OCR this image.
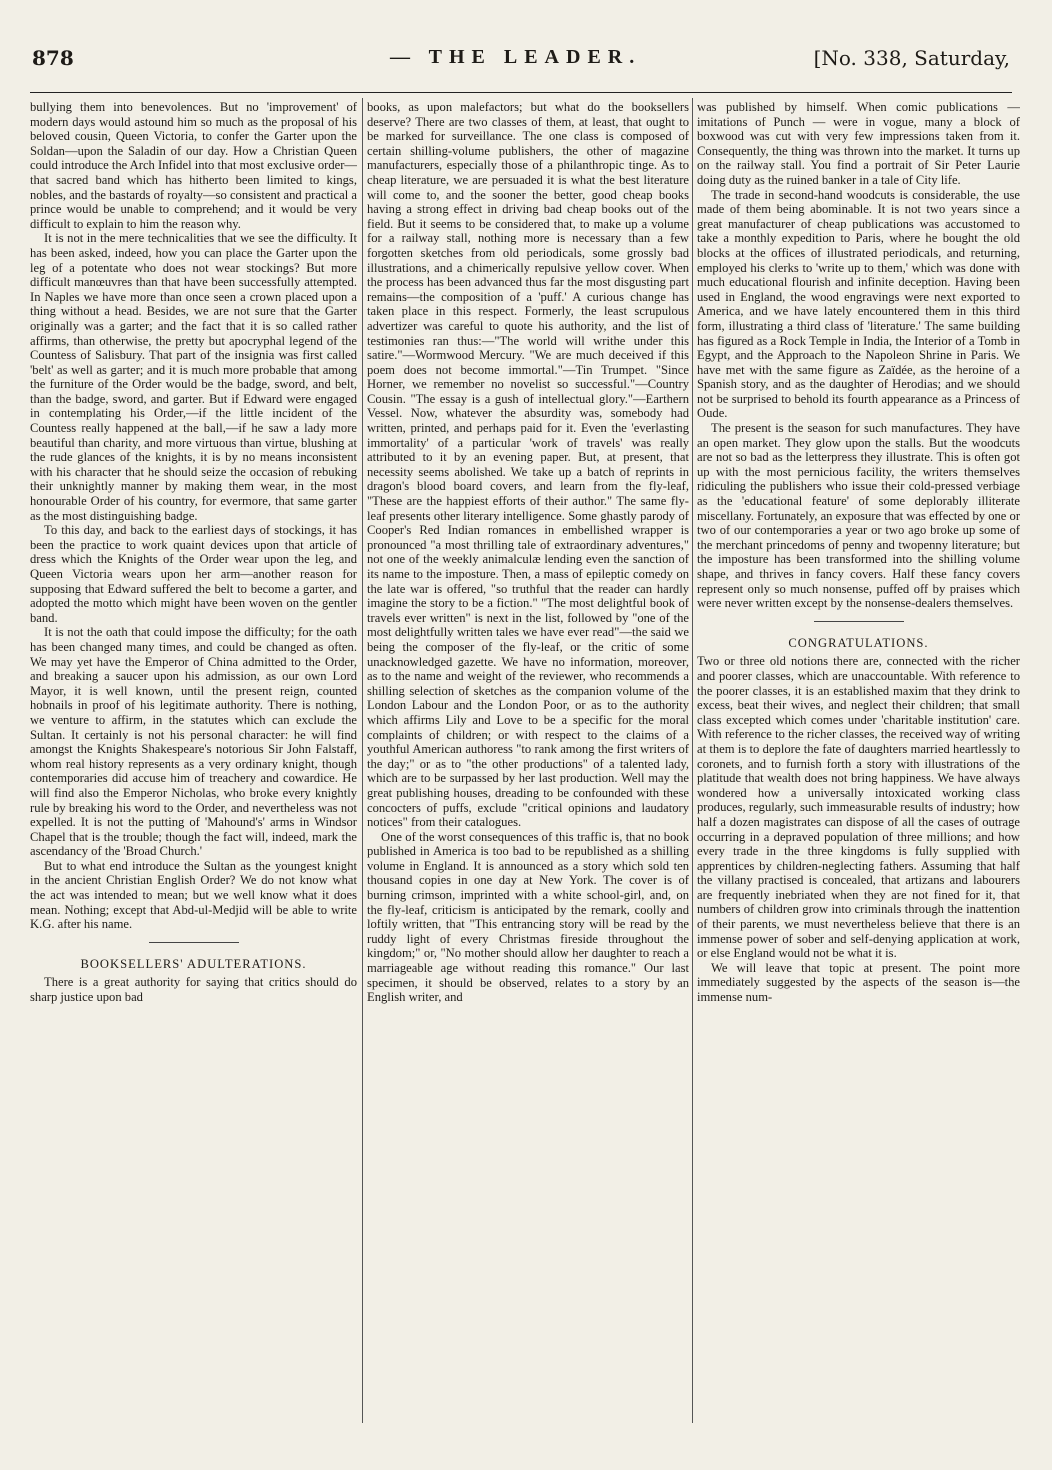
878	— THE LEADER.	[No. 338, Saturday,

bullying them into benevolences. But no 'improvement' of modern days would astound him so much as the proposal of his beloved cousin, Queen Victoria, to confer the Garter upon the Soldan—upon the Saladin of our day. How a Christian Queen could introduce the Arch Infidel into that most exclusive order—that sacred band which has hitherto been limited to kings, nobles, and the bastards of royalty—so consistent and practical a prince would be unable to comprehend; and it would be very difficult to explain to him the reason why.

It is not in the mere technicalities that we see the difficulty. It has been asked, indeed, how you can place the Garter upon the leg of a potentate who does not wear stockings? But more difficult manœuvres than that have been successfully attempted. In Naples we have more than once seen a crown placed upon a thing without a head. Besides, we are not sure that the Garter originally was a garter; and the fact that it is so called rather affirms, than otherwise, the pretty but apocryphal legend of the Countess of Salisbury. That part of the insignia was first called 'belt' as well as garter; and it is much more probable that among the furniture of the Order would be the badge, sword, and belt, than the badge, sword, and garter. But if Edward were engaged in contemplating his Order,—if the little incident of the Countess really happened at the ball,—if he saw a lady more beautiful than charity, and more virtuous than virtue, blushing at the rude glances of the knights, it is by no means inconsistent with his character that he should seize the occasion of rebuking their unknightly manner by making them wear, in the most honourable Order of his country, for evermore, that same garter as the most distinguishing badge.

To this day, and back to the earliest days of stockings, it has been the practice to work quaint devices upon that article of dress which the Knights of the Order wear upon the leg, and Queen Victoria wears upon her arm—another reason for supposing that Edward suffered the belt to become a garter, and adopted the motto which might have been woven on the gentler band.

It is not the oath that could impose the difficulty; for the oath has been changed many times, and could be changed as often. We may yet have the Emperor of China admitted to the Order, and breaking a saucer upon his admission, as our own Lord Mayor, it is well known, until the present reign, counted hobnails in proof of his legitimate authority. There is nothing, we venture to affirm, in the statutes which can exclude the Sultan. It certainly is not his personal character: he will find amongst the Knights Shakespeare's notorious Sir John Falstaff, whom real history represents as a very ordinary knight, though contemporaries did accuse him of treachery and cowardice. He will find also the Emperor Nicholas, who broke every knightly rule by breaking his word to the Order, and nevertheless was not expelled. It is not the putting of 'Mahound's' arms in Windsor Chapel that is the trouble; though the fact will, indeed, mark the ascendancy of the 'Broad Church.'

But to what end introduce the Sultan as the youngest knight in the ancient Christian English Order? We do not know what the act was intended to mean; but we well know what it does mean. Nothing; except that Abd-ul-Medjid will be able to write K.G. after his name.

BOOKSELLERS' ADULTERATIONS.

There is a great authority for saying that critics should do sharp justice upon bad

books, as upon malefactors; but what do the booksellers deserve? There are two classes of them, at least, that ought to be marked for surveillance. The one class is composed of certain shilling-volume publishers, the other of magazine manufacturers, especially those of a philanthropic tinge. As to cheap literature, we are persuaded it is what the best literature will come to, and the sooner the better, good cheap books having a strong effect in driving bad cheap books out of the field. But it seems to be considered that, to make up a volume for a railway stall, nothing more is necessary than a few forgotten sketches from old periodicals, some grossly bad illustrations, and a chimerically repulsive yellow cover. When the process has been advanced thus far the most disgusting part remains—the composition of a 'puff.' A curious change has taken place in this respect. Formerly, the least scrupulous advertizer was careful to quote his authority, and the list of testimonies ran thus:—"The world will writhe under this satire."—Wormwood Mercury. "We are much deceived if this poem does not become immortal."—Tin Trumpet. "Since Horner, we remember no novelist so successful."—Country Cousin. "The essay is a gush of intellectual glory."—Earthern Vessel. Now, whatever the absurdity was, somebody had written, printed, and perhaps paid for it. Even the 'everlasting immortality' of a particular 'work of travels' was really attributed to it by an evening paper. But, at present, that necessity seems abolished. We take up a batch of reprints in dragon's blood board covers, and learn from the fly-leaf, "These are the happiest efforts of their author." The same fly-leaf presents other literary intelligence. Some ghastly parody of Cooper's Red Indian romances in embellished wrapper is pronounced "a most thrilling tale of extraordinary adventures," not one of the weekly animalculæ lending even the sanction of its name to the imposture. Then, a mass of epileptic comedy on the late war is offered, "so truthful that the reader can hardly imagine the story to be a fiction." "The most delightful book of travels ever written" is next in the list, followed by "one of the most delightfully written tales we have ever read"—the said we being the composer of the fly-leaf, or the critic of some unacknowledged gazette. We have no information, moreover, as to the name and weight of the reviewer, who recommends a shilling selection of sketches as the companion volume of the London Labour and the London Poor, or as to the authority which affirms Lily and Love to be a specific for the moral complaints of children; or with respect to the claims of a youthful American authoress "to rank among the first writers of the day;" or as to "the other productions" of a talented lady, which are to be surpassed by her last production. Well may the great publishing houses, dreading to be confounded with these concocters of puffs, exclude "critical opinions and laudatory notices" from their catalogues.

One of the worst consequences of this traffic is, that no book published in America is too bad to be republished as a shilling volume in England. It is announced as a story which sold ten thousand copies in one day at New York. The cover is of burning crimson, imprinted with a white school-girl, and, on the fly-leaf, criticism is anticipated by the remark, coolly and loftily written, that "This entrancing story will be read by the ruddy light of every Christmas fireside throughout the kingdom;" or, "No mother should allow her daughter to reach a marriageable age without reading this romance." Our last specimen, it should be observed, relates to a story by an English writer, and

was published by himself. When comic publications — imitations of Punch — were in vogue, many a block of boxwood was cut with very few impressions taken from it. Consequently, the thing was thrown into the market. It turns up on the railway stall. You find a portrait of Sir Peter Laurie doing duty as the ruined banker in a tale of City life.

The trade in second-hand woodcuts is considerable, the use made of them being abominable. It is not two years since a great manufacturer of cheap publications was accustomed to take a monthly expedition to Paris, where he bought the old blocks at the offices of illustrated periodicals, and returning, employed his clerks to 'write up to them,' which was done with much educational flourish and infinite deception. Having been used in England, the wood engravings were next exported to America, and we have lately encountered them in this third form, illustrating a third class of 'literature.' The same building has figured as a Rock Temple in India, the Interior of a Tomb in Egypt, and the Approach to the Napoleon Shrine in Paris. We have met with the same figure as Zaïdée, as the heroine of a Spanish story, and as the daughter of Herodias; and we should not be surprised to behold its fourth appearance as a Princess of Oude.

The present is the season for such manufactures. They have an open market. They glow upon the stalls. But the woodcuts are not so bad as the letterpress they illustrate. This is often got up with the most pernicious facility, the writers themselves ridiculing the publishers who issue their cold-pressed verbiage as the 'educational feature' of some deplorably illiterate miscellany. Fortunately, an exposure that was effected by one or two of our contemporaries a year or two ago broke up some of the merchant princedoms of penny and twopenny literature; but the imposture has been transformed into the shilling volume shape, and thrives in fancy covers. Half these fancy covers represent only so much nonsense, puffed off by praises which were never written except by the nonsense-dealers themselves.

CONGRATULATIONS.

Two or three old notions there are, connected with the richer and poorer classes, which are unaccountable. With reference to the poorer classes, it is an established maxim that they drink to excess, beat their wives, and neglect their children; that small class excepted which comes under 'charitable institution' care. With reference to the richer classes, the received way of writing at them is to deplore the fate of daughters married heartlessly to coronets, and to furnish forth a story with illustrations of the platitude that wealth does not bring happiness. We have always wondered how a universally intoxicated working class produces, regularly, such immeasurable results of industry; how half a dozen magistrates can dispose of all the cases of outrage occurring in a depraved population of three millions; and how every trade in the three kingdoms is fully supplied with apprentices by children-neglecting fathers. Assuming that half the villany practised is concealed, that artizans and labourers are frequently inebriated when they are not fined for it, that numbers of children grow into criminals through the inattention of their parents, we must nevertheless believe that there is an immense power of sober and self-denying application at work, or else England would not be what it is.

We will leave that topic at present. The point more immediately suggested by the aspects of the season is—the immense num-
